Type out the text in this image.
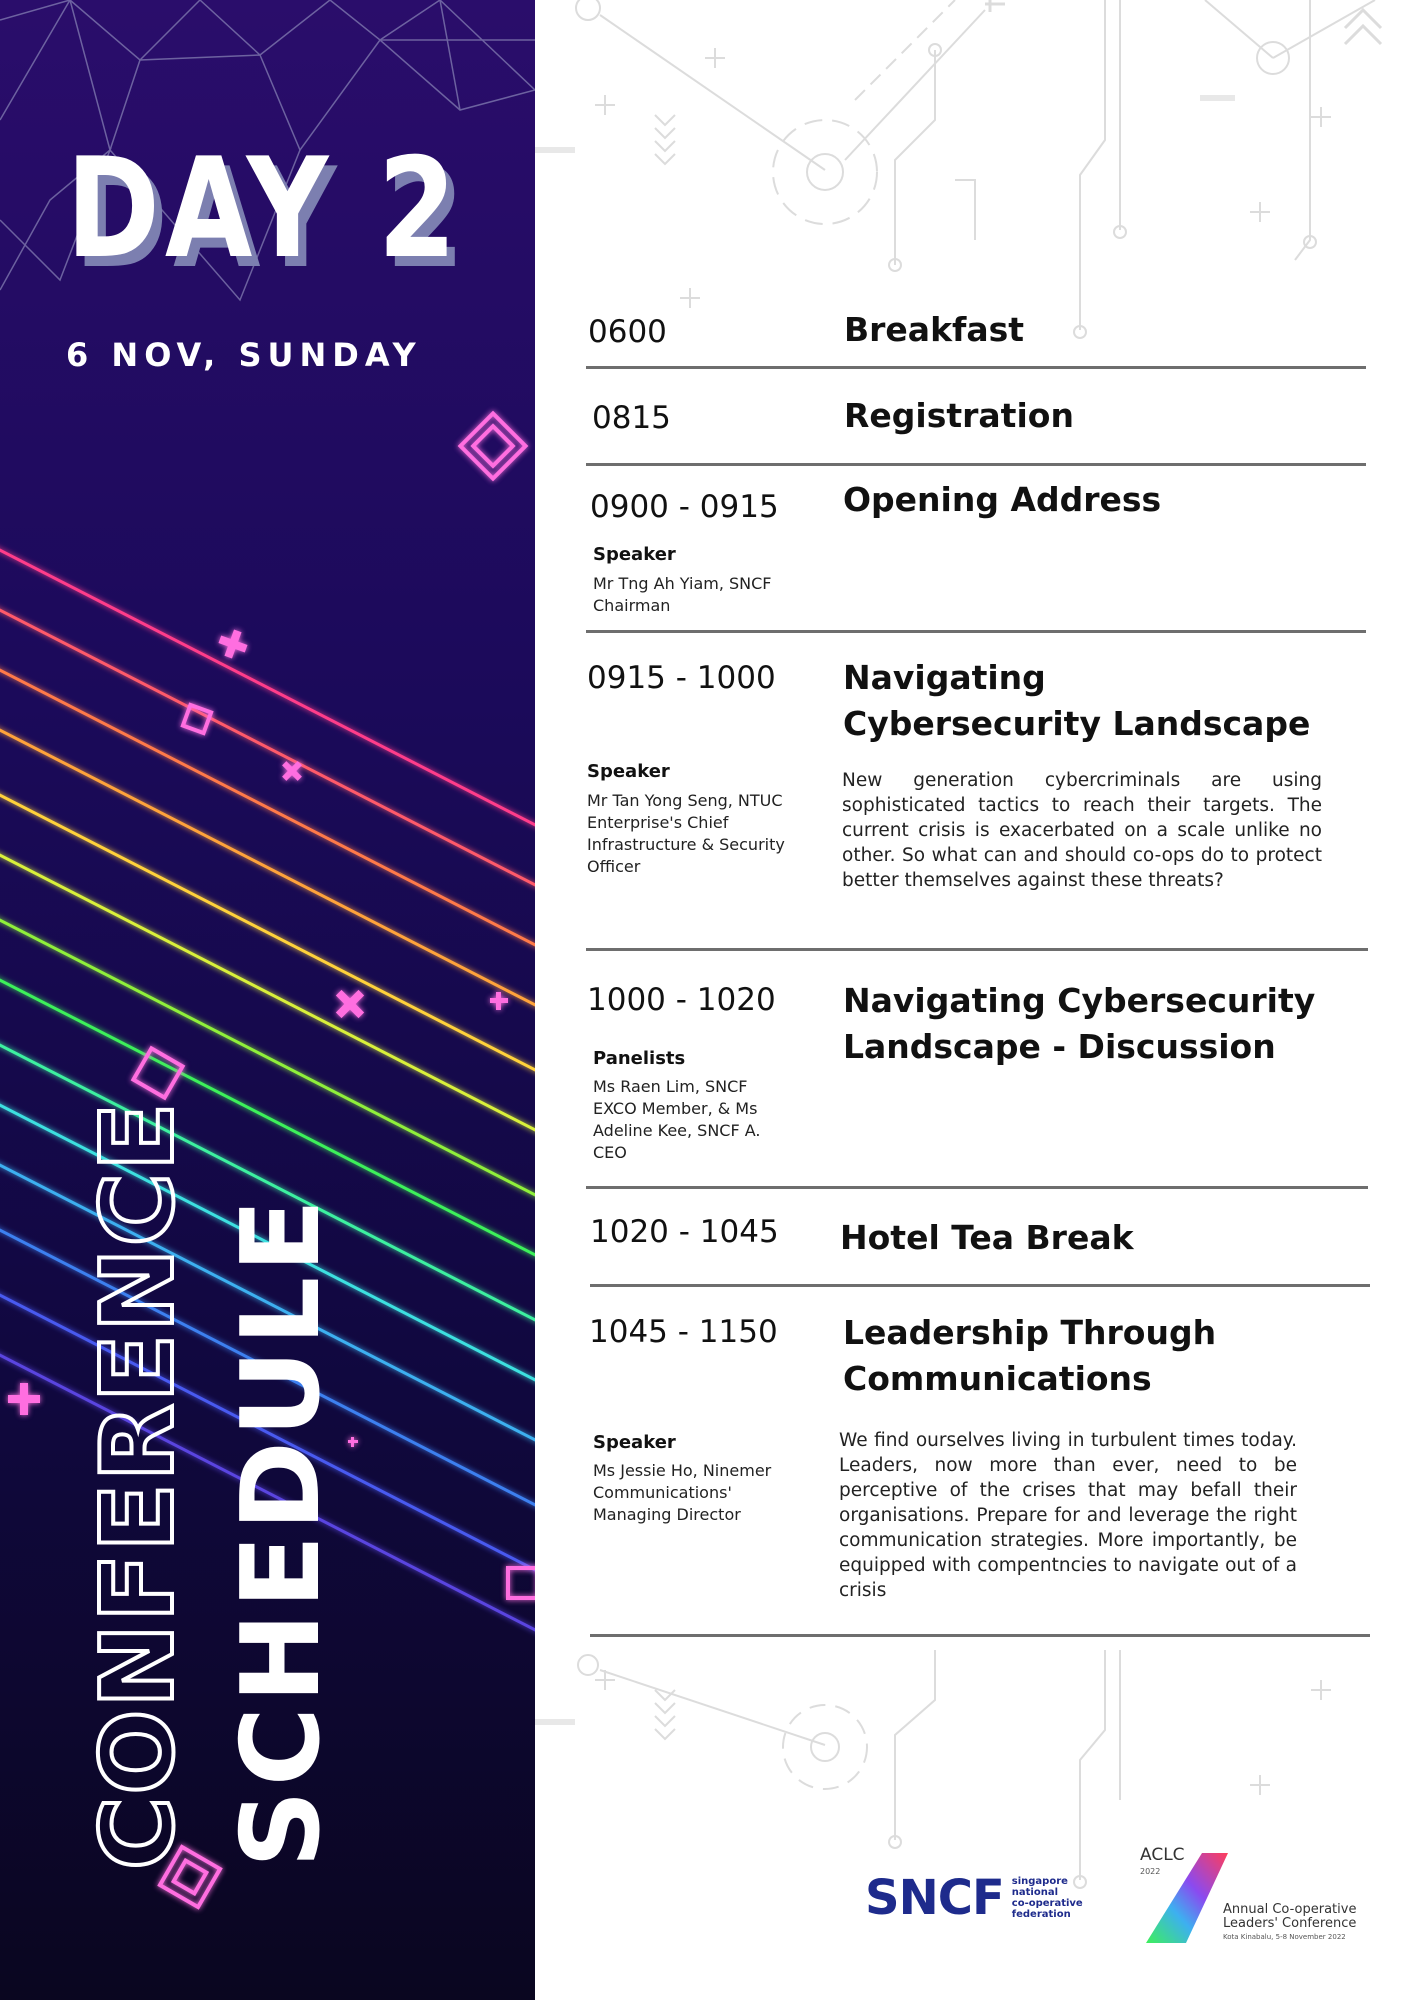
DAY 2
6 NOV, SUNDAY
CONFERENCE SCHEDULE
0600	Breakfast
0815	Registration
0900 - 0915 Opening Address
Speaker
Mr Tng Ah Yiam, SNCF Chairman
0915 - 1000 Navigating Cybersecurity Landscape
Speaker
Mr Tan Yong Seng, NTUC Enterprise's Chief Infrastructure & Security Officer
New generation cybercriminals are using sophisticated tactics to reach their targets. The current crisis is exacerbated on a scale unlike no other. So what can and should co-ops do to protect better themselves against these threats?
1000 - 1020 Navigating Cybersecurity Landscape - Discussion
Panelists
Ms Raen Lim, SNCF EXCO Member, & Ms Adeline Kee, SNCF A. CEO
1020 - 1045 Hotel Tea Break
1045 - 1150 Leadership Through Communications
Speaker
Ms Jessie Ho, Ninemer Communications' Managing Director
We find ourselves living in turbulent times today. Leaders, now more than ever, need to be perceptive of the crises that may befall their organisations. Prepare for and leverage the right communication strategies. More importantly, be equipped with compentncies to navigate out of a crisis
SNCF singapore
national
co-operative
federation
ACLC
2022
Annual Co-operative
Leaders' Conference
Kota Kinabalu, 5-8 November 2022
